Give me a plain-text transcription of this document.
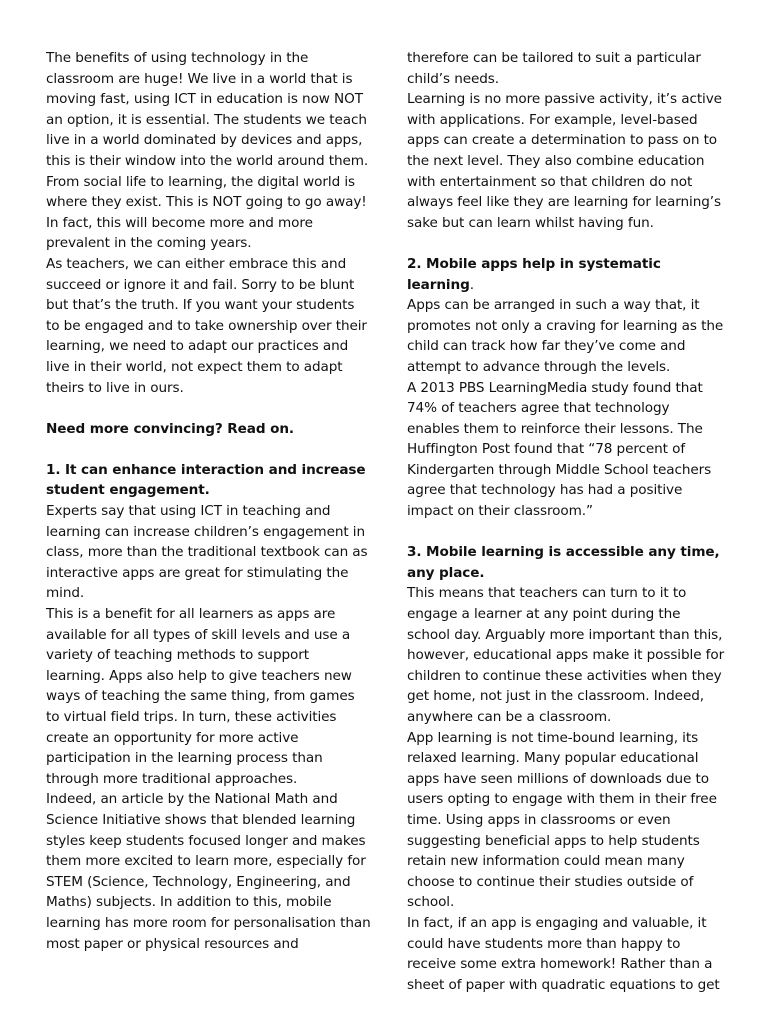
The benefits of using technology in the classroom are huge! We live in a world that is moving fast, using ICT in education is now NOT an option, it is essential. The students we teach live in a world dominated by devices and apps, this is their window into the world around them. From social life to learning, the digital world is where they exist. This is NOT going to go away! In fact, this will become more and more prevalent in the coming years.

As teachers, we can either embrace this and succeed or ignore it and fail. Sorry to be blunt but that’s the truth. If you want your students to be engaged and to take ownership over their learning, we need to adapt our practices and live in their world, not expect them to adapt theirs to live in ours.

Need more convincing? Read on.

1. It can enhance interaction and increase student engagement.

Experts say that using ICT in teaching and learning can increase children’s engagement in class, more than the traditional textbook can as interactive apps are great for stimulating the mind.

This is a benefit for all learners as apps are available for all types of skill levels and use a variety of teaching methods to support learning. Apps also help to give teachers new ways of teaching the same thing, from games to virtual field trips. In turn, these activities create an opportunity for more active participation in the learning process than through more traditional approaches.

Indeed, an article by the National Math and Science Initiative shows that blended learning styles keep students focused longer and makes them more excited to learn more, especially for STEM (Science, Technology, Engineering, and Maths) subjects. In addition to this, mobile learning has more room for personalisation than most paper or physical resources and

therefore can be tailored to suit a particular child’s needs.

Learning is no more passive activity, it’s active with applications. For example, level-based apps can create a determination to pass on to the next level. They also combine education with entertainment so that children do not always feel like they are learning for learning’s sake but can learn whilst having fun.

2. Mobile apps help in systematic learning.

Apps can be arranged in such a way that, it promotes not only a craving for learning as the child can track how far they’ve come and attempt to advance through the levels.

A 2013 PBS LearningMedia study found that 74% of teachers agree that technology enables them to reinforce their lessons. The Huffington Post found that “78 percent of Kindergarten through Middle School teachers agree that technology has had a positive impact on their classroom.”

3. Mobile learning is accessible any time, any place.

This means that teachers can turn to it to engage a learner at any point during the school day. Arguably more important than this, however, educational apps make it possible for children to continue these activities when they get home, not just in the classroom. Indeed, anywhere can be a classroom.

App learning is not time-bound learning, its relaxed learning. Many popular educational apps have seen millions of downloads due to users opting to engage with them in their free time. Using apps in classrooms or even suggesting beneficial apps to help students retain new information could mean many choose to continue their studies outside of school.

In fact, if an app is engaging and valuable, it could have students more than happy to receive some extra homework! Rather than a sheet of paper with quadratic equations to get
